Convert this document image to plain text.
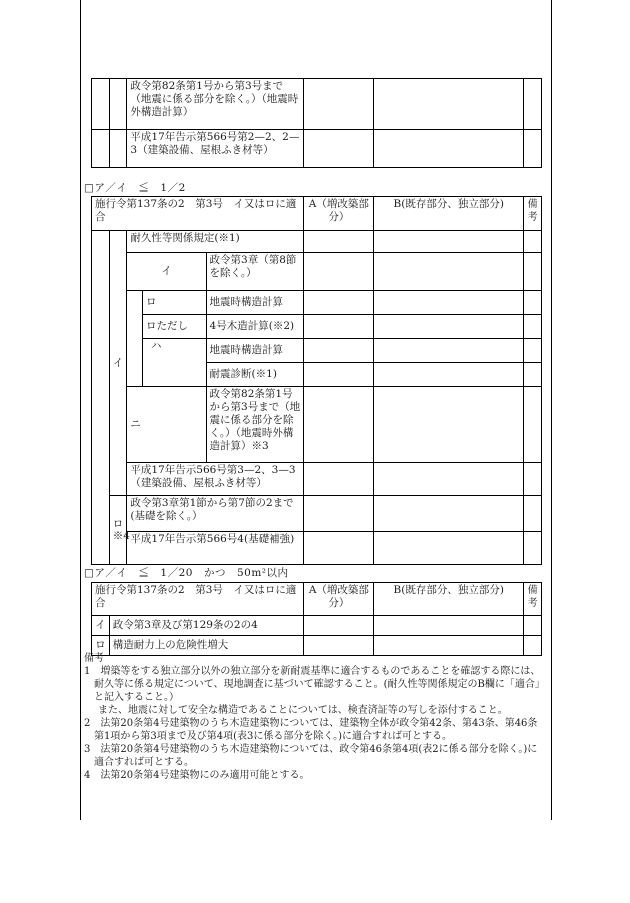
		政令第82条第1号から第3号まで（地震に係る部分を除く。）（地震時外構造計算）			
		平成17年告示第566号第2—2、2—3（建築設備、屋根ふき材等）			
□ア／イ　≦　1／2
施行令第137条の2　第3号　イ又はロに適合					A（増改築部分）	B(既存部分、独立部分)	備考
	イ	耐久性等関係規定(※1)					
		イ		政令第3章（第8節を除く。）			
			ロ	地震時構造計算			
			ロただし	4号木造計算(※2)			
			ハ	地震時構造計算			
				耐震診断(※1)			
		ニ		政令第82条第1号から第3号まで（地震に係る部分を除く。）（地震時外構造計算）※3			
		平成17年告示566号第3—2、3—3（建築設備、屋根ふき材等）					
	ロ※4	政令第3章第1節から第7節の2まで(基礎を除く。）					
		平成17年告示第566号4(基礎補強)					
□ア／イ　≦　1／20　かつ　50m²以内
施行令第137条の2　第3号　イ又はロに適合		A（増改築部分）	B(既存部分、独立部分)	備考
イ	政令第3章及び第129条の2の4			
ロ	構造耐力上の危険性増大			

備考

1　増築等をする独立部分以外の独立部分を新耐震基準に適合するものであることを確認する際には、耐久等に係る規定について、現地調査に基づいて確認すること。(耐久性等関係規定のB欄に「適合」と記入すること。）

また、地震に対して安全な構造であることについては、検査済証等の写しを添付すること。

2　法第20条第4号建築物のうち木造建築物については、建築物全体が政令第42条、第43条、第46条第1項から第3項まで及び第4項(表3に係る部分を除く。)に適合すれば可とする。

3　法第20条第4号建築物のうち木造建築物については、政令第46条第4項(表2に係る部分を除く。)に適合すれば可とする。

4　法第20条第4号建築物にのみ適用可能とする。
